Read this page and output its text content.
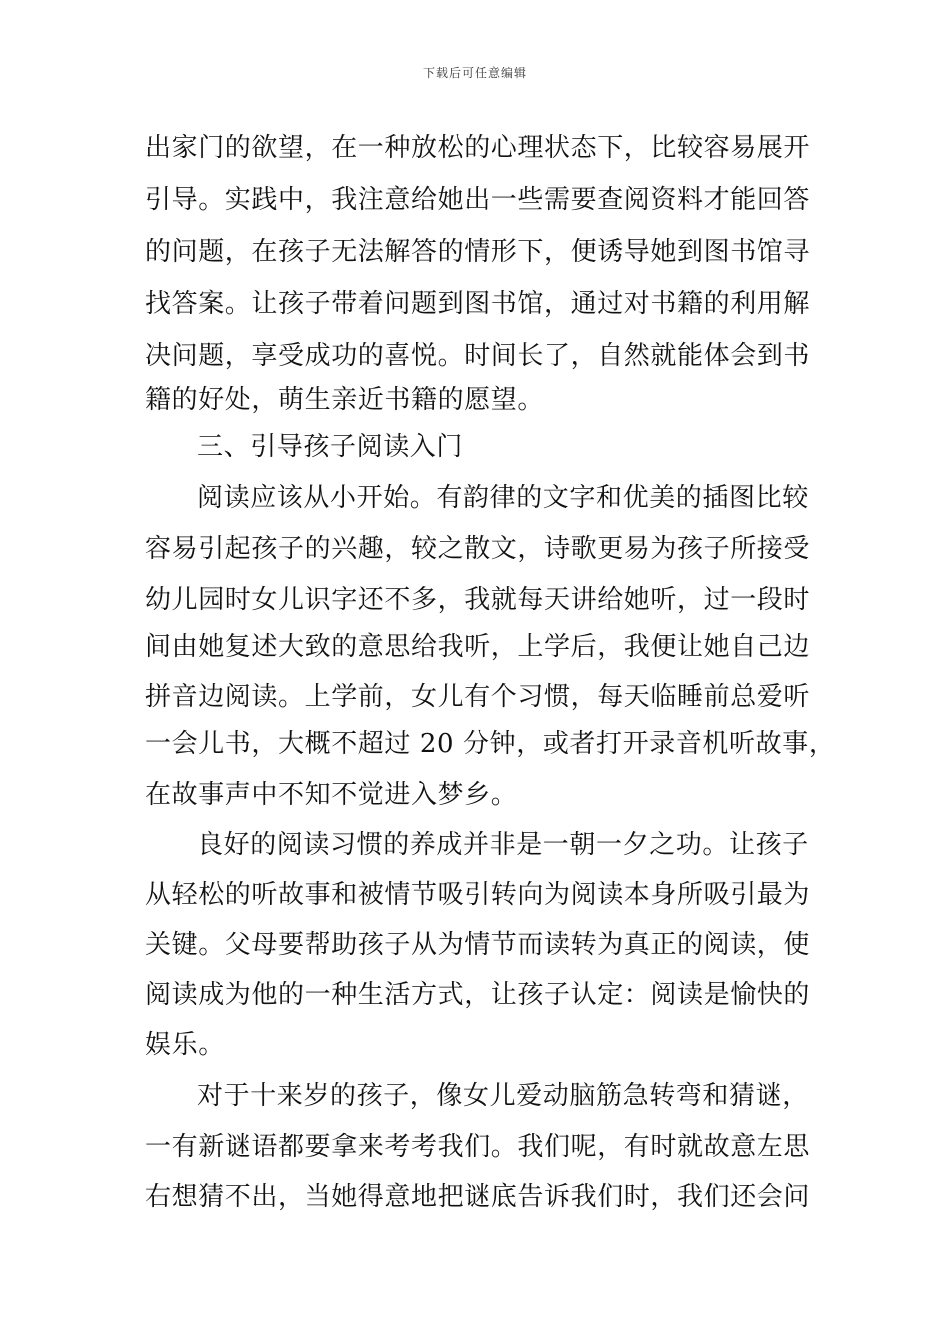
下载后可任意编辑
出家门的欲望，在一种放松的心理状态下，比较容易展开
引导。实践中，我注意给她出一些需要查阅资料才能回答
的问题，在孩子无法解答的情形下，便诱导她到图书馆寻
找答案。让孩子带着问题到图书馆，通过对书籍的利用解
决问题，享受成功的喜悦。时间长了，自然就能体会到书
籍的好处，萌生亲近书籍的愿望。
三、引导孩子阅读入门
阅读应该从小开始。有韵律的文字和优美的插图比较
容易引起孩子的兴趣，较之散文，诗歌更易为孩子所接受
幼儿园时女儿识字还不多，我就每天讲给她听，过一段时
间由她复述大致的意思给我听，上学后，我便让她自己边
拼音边阅读。上学前，女儿有个习惯，每天临睡前总爱听
一会儿书，大概不超过 20 分钟，或者打开录音机听故事，
在故事声中不知不觉进入梦乡。
良好的阅读习惯的养成并非是一朝一夕之功。让孩子
从轻松的听故事和被情节吸引转向为阅读本身所吸引最为
关键。父母要帮助孩子从为情节而读转为真正的阅读，使
阅读成为他的一种生活方式，让孩子认定：阅读是愉快的
娱乐。
对于十来岁的孩子，像女儿爱动脑筋急转弯和猜谜，
一有新谜语都要拿来考考我们。我们呢，有时就故意左思
右想猜不出，当她得意地把谜底告诉我们时，我们还会问
